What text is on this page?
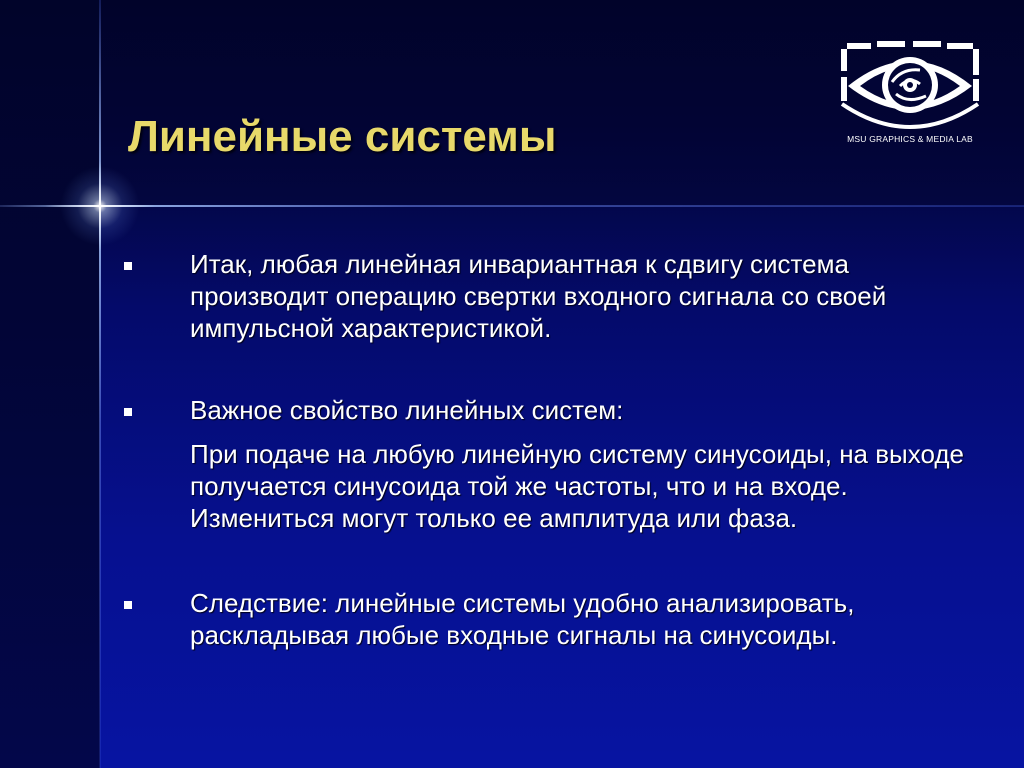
Линейные системы	MSU GRAPHICS & MEDIA LAB

Итак, любая линейная инвариантная к сдвигу система производит операцию свертки входного сигнала со своей импульсной характеристикой.

Важное свойство линейных систем:

При подаче на любую линейную систему синусоиды, на выходе получается синусоида той же частоты, что и на входе. Измениться могут только ее амплитуда или фаза.

Следствие: линейные системы удобно анализировать, раскладывая любые входные сигналы на синусоиды.
